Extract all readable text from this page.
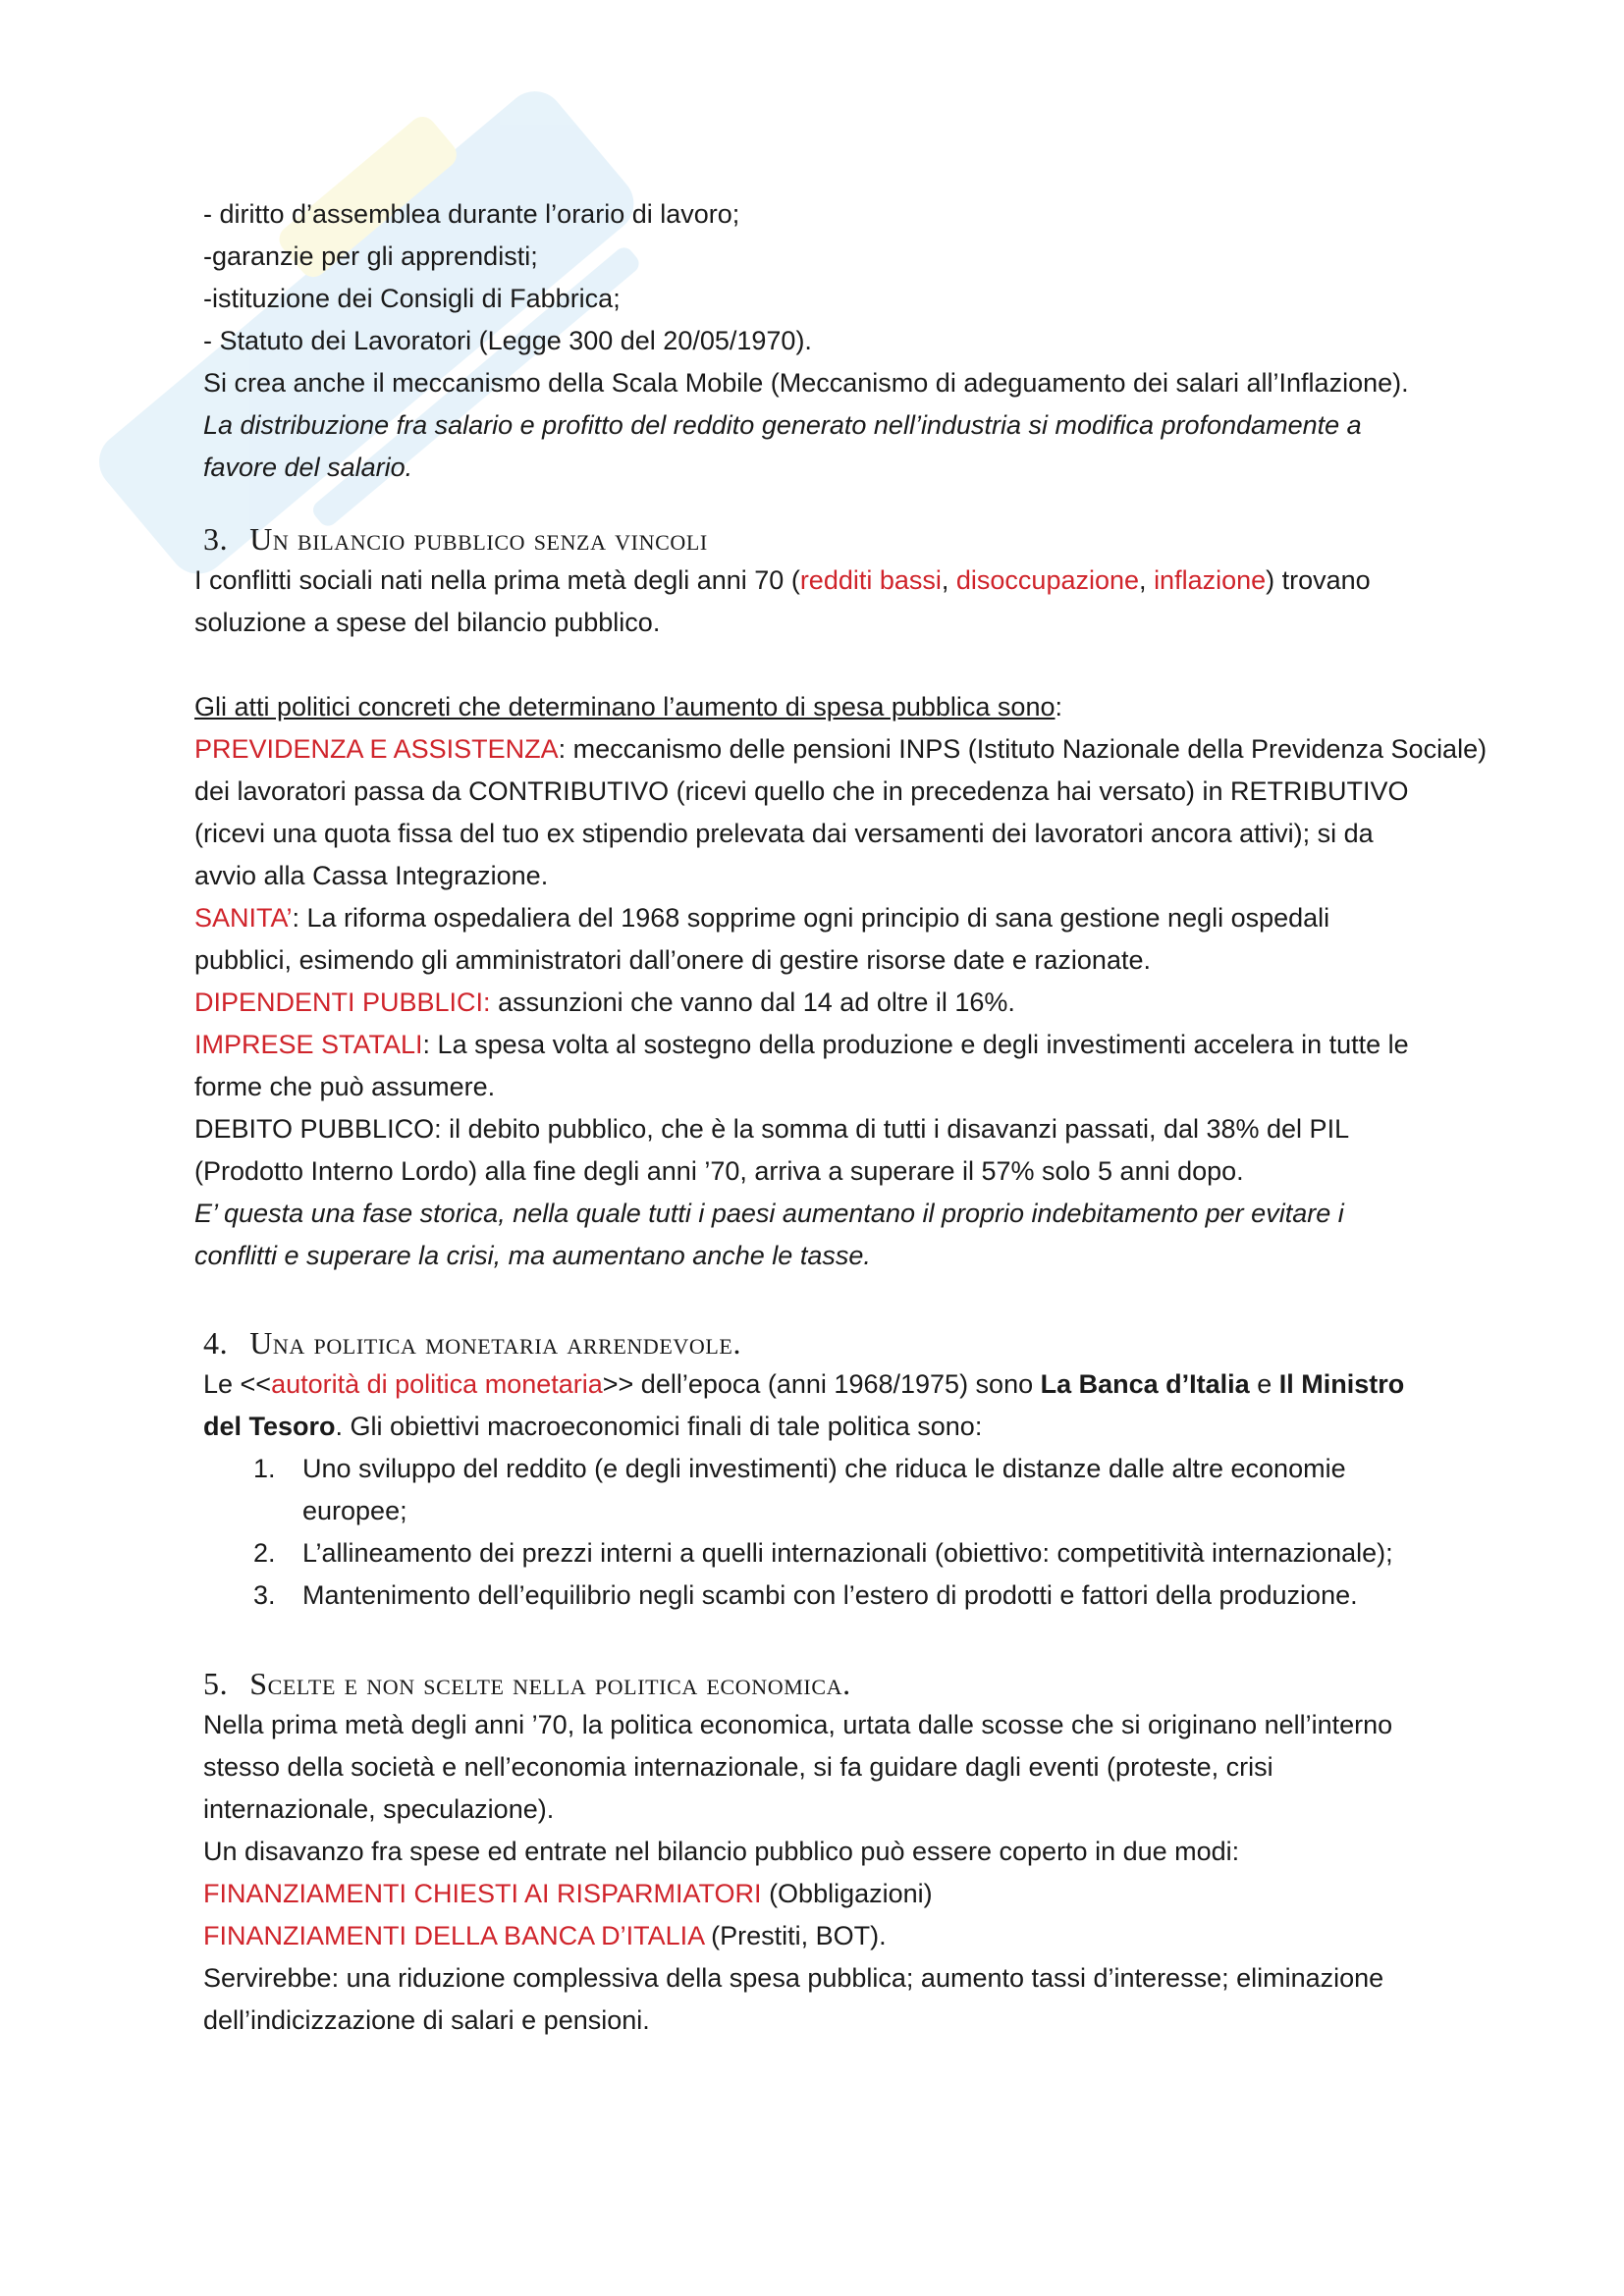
- diritto d’assemblea durante l’orario di lavoro;
-garanzie per gli apprendisti;
-istituzione dei Consigli di Fabbrica;
- Statuto dei Lavoratori (Legge 300 del 20/05/1970).
Si crea anche il meccanismo della Scala Mobile (Meccanismo di adeguamento dei salari all’Inflazione).
La distribuzione fra salario e profitto del reddito generato nell’industria si modifica profondamente a
favore del salario.
3. Un bilancio pubblico senza vincoli
I conflitti sociali nati nella prima metà degli anni 70 (redditi bassi, disoccupazione, inflazione) trovano
soluzione a spese del bilancio pubblico.
Gli atti politici concreti che determinano l’aumento di spesa pubblica sono:
PREVIDENZA E ASSISTENZA: meccanismo delle pensioni INPS (Istituto Nazionale della Previdenza Sociale)
dei lavoratori passa da CONTRIBUTIVO (ricevi quello che in precedenza hai versato) in RETRIBUTIVO
(ricevi una quota fissa del tuo ex stipendio prelevata dai versamenti dei lavoratori ancora attivi); si da
avvio alla Cassa Integrazione.
SANITA’: La riforma ospedaliera del 1968 sopprime ogni principio di sana gestione negli ospedali
pubblici, esimendo gli amministratori dall’onere di gestire risorse date e razionate.
DIPENDENTI PUBBLICI: assunzioni che vanno dal 14 ad oltre il 16%.
IMPRESE STATALI: La spesa volta al sostegno della produzione e degli investimenti accelera in tutte le
forme che può assumere.
DEBITO PUBBLICO: il debito pubblico, che è la somma di tutti i disavanzi passati, dal 38% del PIL
(Prodotto Interno Lordo) alla fine degli anni ’70, arriva a superare il 57% solo 5 anni dopo.
E’ questa una fase storica, nella quale tutti i paesi aumentano il proprio indebitamento per evitare i
conflitti e superare la crisi, ma aumentano anche le tasse.
4. Una politica monetaria arrendevole.
Le <<autorità di politica monetaria>> dell’epoca (anni 1968/1975) sono La Banca d’Italia e Il Ministro
del Tesoro. Gli obiettivi macroeconomici finali di tale politica sono:
1. Uno sviluppo del reddito (e degli investimenti) che riduca le distanze dalle altre economie
europee;
2. L’allineamento dei prezzi interni a quelli internazionali (obiettivo: competitività internazionale);
3. Mantenimento dell’equilibrio negli scambi con l’estero di prodotti e fattori della produzione.
5. Scelte e non scelte nella politica economica.
Nella prima metà degli anni ’70, la politica economica, urtata dalle scosse che si originano nell’interno
stesso della società e nell’economia internazionale, si fa guidare dagli eventi (proteste, crisi
internazionale, speculazione).
Un disavanzo fra spese ed entrate nel bilancio pubblico può essere coperto in due modi:
FINANZIAMENTI CHIESTI AI RISPARMIATORI (Obbligazioni)
FINANZIAMENTI DELLA BANCA D’ITALIA (Prestiti, BOT).
Servirebbe: una riduzione complessiva della spesa pubblica; aumento tassi d’interesse; eliminazione
dell’indicizzazione di salari e pensioni.
